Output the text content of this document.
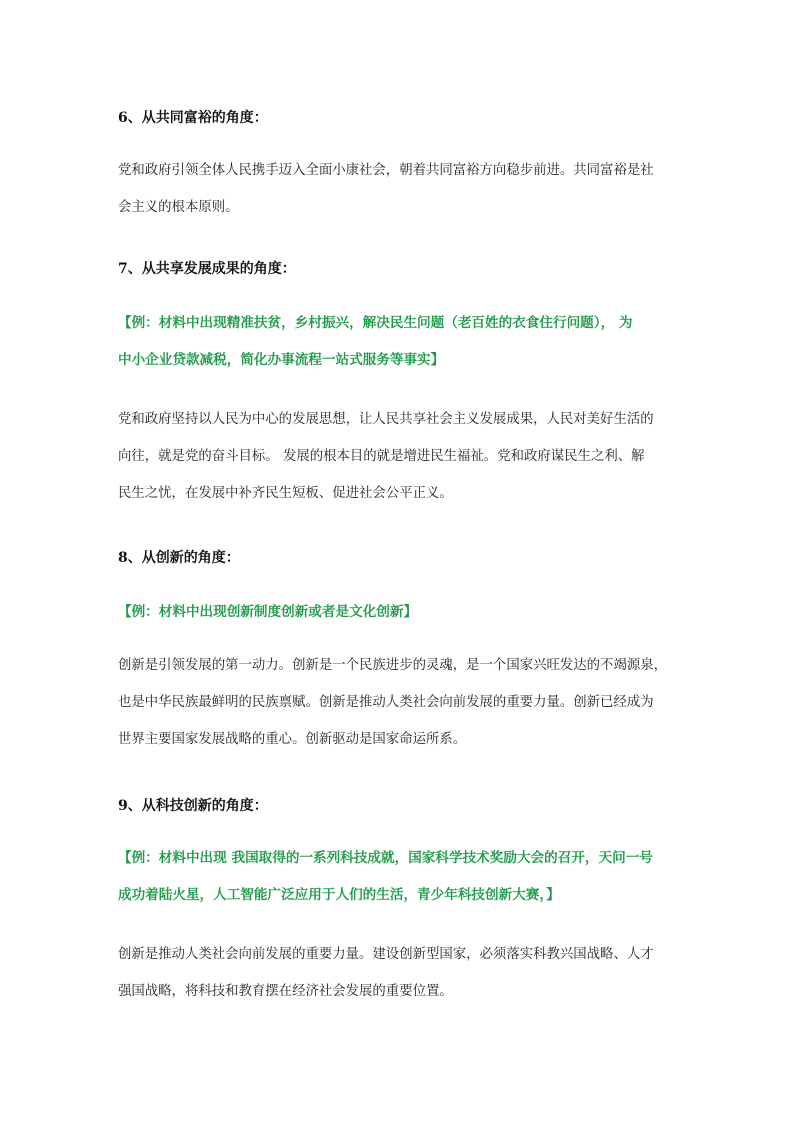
6、从共同富裕的角度：

党和政府引领全体人民携手迈入全面小康社会，朝着共同富裕方向稳步前进。共同富裕是社
会主义的根本原则。

7、从共享发展成果的角度：

【例：材料中出现精准扶贫，乡村振兴，解决民生问题（老百姓的衣食住行问题）， 为
中小企业贷款减税，简化办事流程一站式服务等事实】

党和政府坚持以人民为中心的发展思想，让人民共享社会主义发展成果，人民对美好生活的
向往，就是党的奋斗目标。 发展的根本目的就是增进民生福祉。党和政府谋民生之利、解
民生之忧，在发展中补齐民生短板、促进社会公平正义。

8、从创新的角度：

【例：材料中出现创新制度创新或者是文化创新】

创新是引领发展的第一动力。创新是一个民族进步的灵魂，是一个国家兴旺发达的不竭源泉，
也是中华民族最鲜明的民族禀赋。创新是推动人类社会向前发展的重要力量。创新已经成为
世界主要国家发展战略的重心。创新驱动是国家命运所系。

9、从科技创新的角度：

【例：材料中出现 我国取得的一系列科技成就，国家科学技术奖励大会的召开，天问一号
成功着陆火星，人工智能广泛应用于人们的生活，青少年科技创新大赛，】

创新是推动人类社会向前发展的重要力量。建设创新型国家，必须落实科教兴国战略、人才
强国战略，将科技和教育摆在经济社会发展的重要位置。
